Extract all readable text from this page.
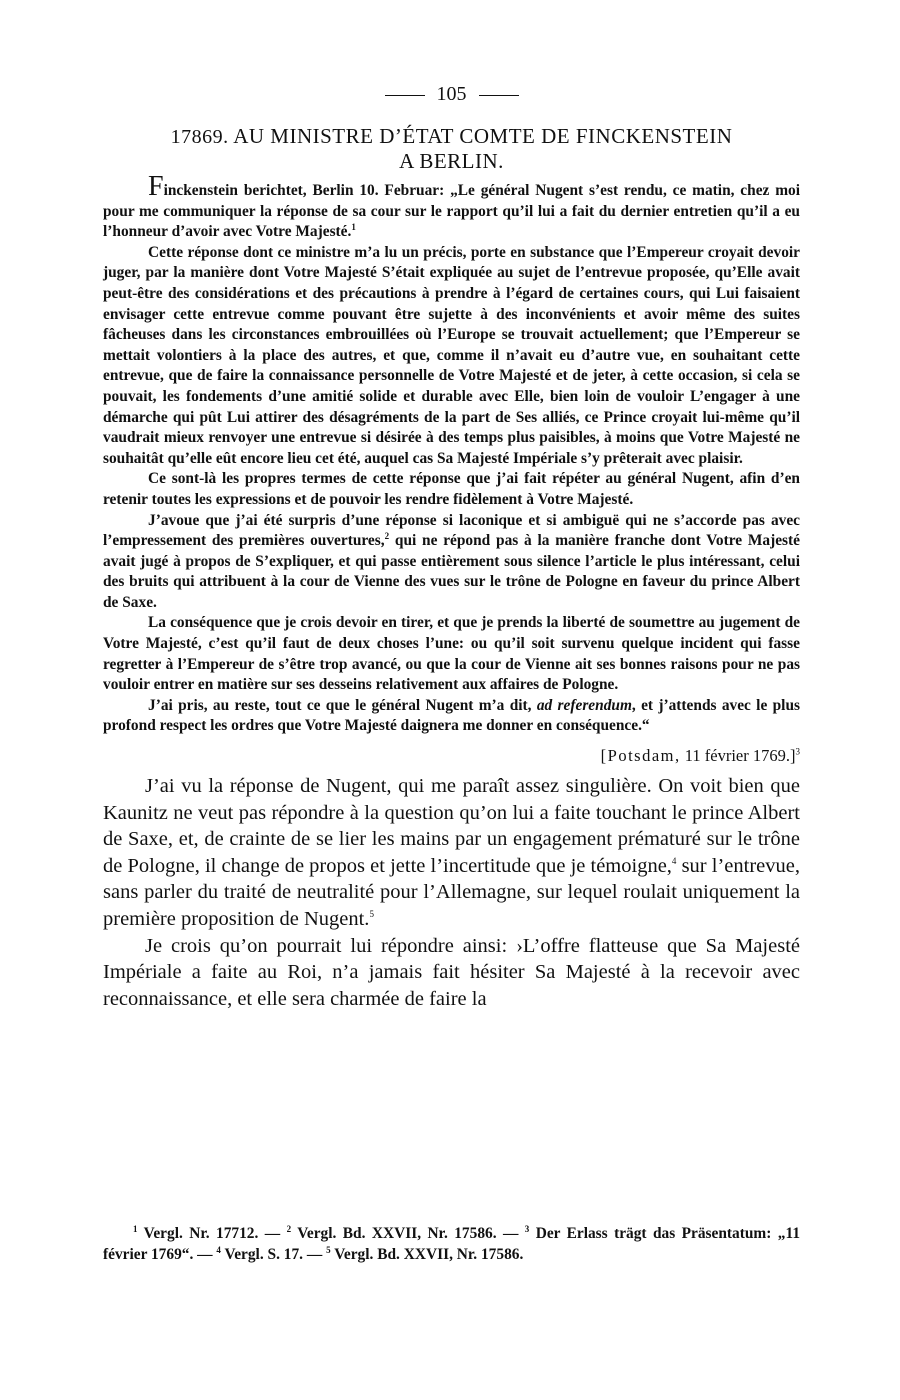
105
17869. AU MINISTRE D’ÉTAT COMTE DE FINCKENSTEIN
A BERLIN.

Finckenstein berichtet, Berlin 10. Februar: „Le général Nugent s’est rendu, ce matin, chez moi pour me communiquer la réponse de sa cour sur le rapport qu’il lui a fait du dernier entretien qu’il a eu l’honneur d’avoir avec Votre Majesté.$^1$

Cette réponse dont ce ministre m’a lu un précis, porte en substance que l’Empereur croyait devoir juger, par la manière dont Votre Majesté S’était expliquée au sujet de l’entrevue proposée, qu’Elle avait peut-être des considérations et des précautions à prendre à l’égard de certaines cours, qui Lui faisaient envisager cette entrevue comme pouvant être sujette à des inconvénients et avoir même des suites fâcheuses dans les circonstances embrouillées où l’Europe se trouvait actuellement; que l’Empereur se mettait volontiers à la place des autres, et que, comme il n’avait eu d’autre vue, en souhaitant cette entrevue, que de faire la connaissance personnelle de Votre Majesté et de jeter, à cette occasion, si cela se pouvait, les fondements d’une amitié solide et durable avec Elle, bien loin de vouloir L’engager à une démarche qui pût Lui attirer des désagréments de la part de Ses alliés, ce Prince croyait lui-même qu’il vaudrait mieux renvoyer une entrevue si désirée à des temps plus paisibles, à moins que Votre Majesté ne souhaitât qu’elle eût encore lieu cet été, auquel cas Sa Majesté Impériale s’y prêterait avec plaisir.

Ce sont-là les propres termes de cette réponse que j’ai fait répéter au général Nugent, afin d’en retenir toutes les expressions et de pouvoir les rendre fidèlement à Votre Majesté.

J’avoue que j’ai été surpris d’une réponse si laconique et si ambiguë qui ne s’accorde pas avec l’empressement des premières ouvertures,$^2$ qui ne répond pas à la manière franche dont Votre Majesté avait jugé à propos de S’expliquer, et qui passe entièrement sous silence l’article le plus intéressant, celui des bruits qui attribuent à la cour de Vienne des vues sur le trône de Pologne en faveur du prince Albert de Saxe.

La conséquence que je crois devoir en tirer, et que je prends la liberté de soumettre au jugement de Votre Majesté, c’est qu’il faut de deux choses l’une: ou qu’il soit survenu quelque incident qui fasse regretter à l’Empereur de s’être trop avancé, ou que la cour de Vienne ait ses bonnes raisons pour ne pas vouloir entrer en matière sur ses desseins relativement aux affaires de Pologne.

J’ai pris, au reste, tout ce que le général Nugent m’a dit, ad referendum, et j’attends avec le plus profond respect les ordres que Votre Majesté daignera me donner en conséquence.“

[Potsdam, 11 février 1769.]$^3$

J’ai vu la réponse de Nugent, qui me paraît assez singulière. On voit bien que Kaunitz ne veut pas répondre à la question qu’on lui a faite touchant le prince Albert de Saxe, et, de crainte de se lier les mains par un engagement prématuré sur le trône de Pologne, il change de propos et jette l’incertitude que je témoigne,$^4$ sur l’entrevue, sans parler du traité de neutralité pour l’Allemagne, sur lequel roulait uniquement la première proposition de Nugent.$^5$

Je crois qu’on pourrait lui répondre ainsi: ›L’offre flatteuse que Sa Majesté Impériale a faite au Roi, n’a jamais fait hésiter Sa Majesté à la recevoir avec reconnaissance, et elle sera charmée de faire la

$^1$ Vergl. Nr. 17712. — $^2$ Vergl. Bd. XXVII, Nr. 17586. — $^3$ Der Erlass trägt das Präsentatum: „11 février 1769“. — $^4$ Vergl. S. 17. — $^5$ Vergl. Bd. XXVII, Nr. 17586.
